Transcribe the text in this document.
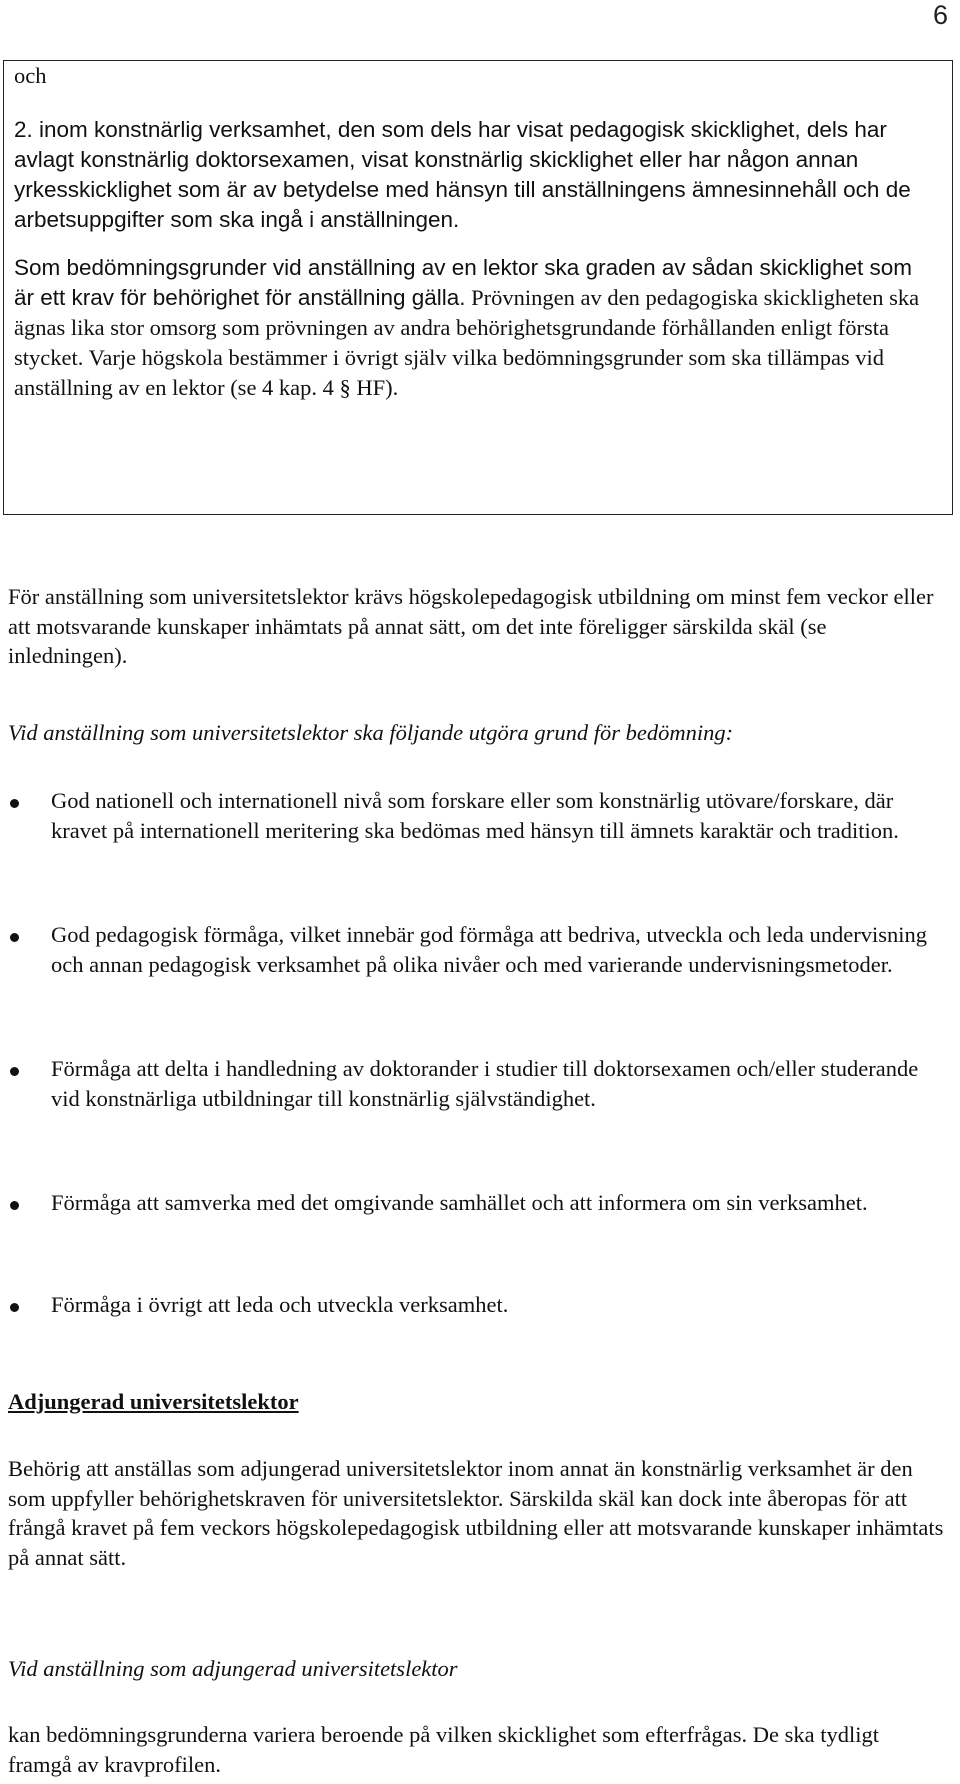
6

och

2. inom konstnärlig verksamhet, den som dels har visat pedagogisk skicklighet, dels har avlagt konstnärlig doktorsexamen, visat konstnärlig skicklighet eller har någon annan yrkesskicklighet som är av betydelse med hänsyn till anställningens ämnesinnehåll och de arbetsuppgifter som ska ingå i anställningen.

Som bedömningsgrunder vid anställning av en lektor ska graden av sådan skicklighet som är ett krav för behörighet för anställning gälla. Prövningen av den pedagogiska skickligheten ska ägnas lika stor omsorg som prövningen av andra behörighetsgrundande förhållanden enligt första stycket. Varje högskola bestämmer i övrigt själv vilka bedömningsgrunder som ska tillämpas vid anställning av en lektor (se 4 kap. 4 § HF).

För anställning som universitetslektor krävs högskolepedagogisk utbildning om minst fem veckor eller att motsvarande kunskaper inhämtats på annat sätt, om det inte föreligger särskilda skäl (se inledningen).

Vid anställning som universitetslektor ska följande utgöra grund för bedömning:

God nationell och internationell nivå som forskare eller som konstnärlig utövare/forskare, där kravet på internationell meritering ska bedömas med hänsyn till ämnets karaktär och tradition.

God pedagogisk förmåga, vilket innebär god förmåga att bedriva, utveckla och leda undervisning och annan pedagogisk verksamhet på olika nivåer och med varierande undervisningsmetoder.

Förmåga att delta i handledning av doktorander i studier till doktorsexamen och/eller studerande vid konstnärliga utbildningar till konstnärlig självständighet.

Förmåga att samverka med det omgivande samhället och att informera om sin verksamhet.

Förmåga i övrigt att leda och utveckla verksamhet.

Adjungerad universitetslektor

Behörig att anställas som adjungerad universitetslektor inom annat än konstnärlig verksamhet är den som uppfyller behörighetskraven för universitetslektor. Särskilda skäl kan dock inte åberopas för att frångå kravet på fem veckors högskolepedagogisk utbildning eller att motsvarande kunskaper inhämtats på annat sätt.

Vid anställning som adjungerad universitetslektor

kan bedömningsgrunderna variera beroende på vilken skicklighet som efterfrågas. De ska tydligt framgå av kravprofilen.
